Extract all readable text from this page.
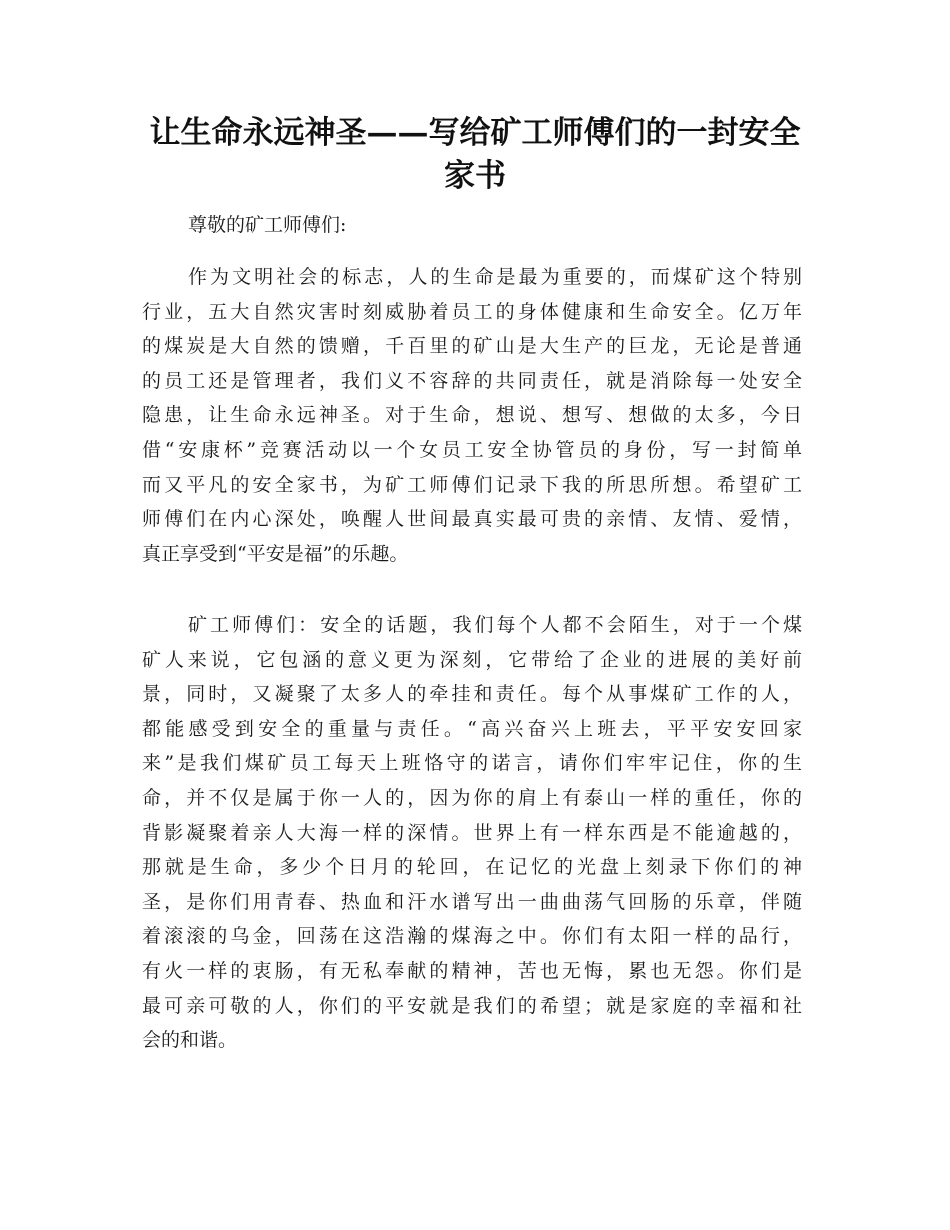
让生命永远神圣——写给矿工师傅们的一封安全
家书

尊敬的矿工师傅们:

作为文明社会的标志，人的生命是最为重要的，而煤矿这个特别
行业，五大自然灾害时刻威胁着员工的身体健康和生命安全。亿万年
的煤炭是大自然的馈赠，千百里的矿山是大生产的巨龙，无论是普通
的员工还是管理者，我们义不容辞的共同责任，就是消除每一处安全
隐患，让生命永远神圣。对于生命，想说、想写、想做的太多，今日
借“安康杯”竞赛活动以一个女员工安全协管员的身份，写一封简单
而又平凡的安全家书，为矿工师傅们记录下我的所思所想。希望矿工
师傅们在内心深处，唤醒人世间最真实最可贵的亲情、友情、爱情，
真正享受到“平安是福”的乐趣。

矿工师傅们：安全的话题，我们每个人都不会陌生，对于一个煤
矿人来说，它包涵的意义更为深刻，它带给了企业的进展的美好前
景，同时，又凝聚了太多人的牵挂和责任。每个从事煤矿工作的人，
都能感受到安全的重量与责任。“高兴奋兴上班去，平平安安回家
来”是我们煤矿员工每天上班恪守的诺言，请你们牢牢记住，你的生
命，并不仅是属于你一人的，因为你的肩上有泰山一样的重任，你的
背影凝聚着亲人大海一样的深情。世界上有一样东西是不能逾越的，
那就是生命，多少个日月的轮回，在记忆的光盘上刻录下你们的神
圣，是你们用青春、热血和汗水谱写出一曲曲荡气回肠的乐章，伴随
着滚滚的乌金，回荡在这浩瀚的煤海之中。你们有太阳一样的品行，
有火一样的衷肠，有无私奉献的精神，苦也无悔，累也无怨。你们是
最可亲可敬的人，你们的平安就是我们的希望；就是家庭的幸福和社
会的和谐。
